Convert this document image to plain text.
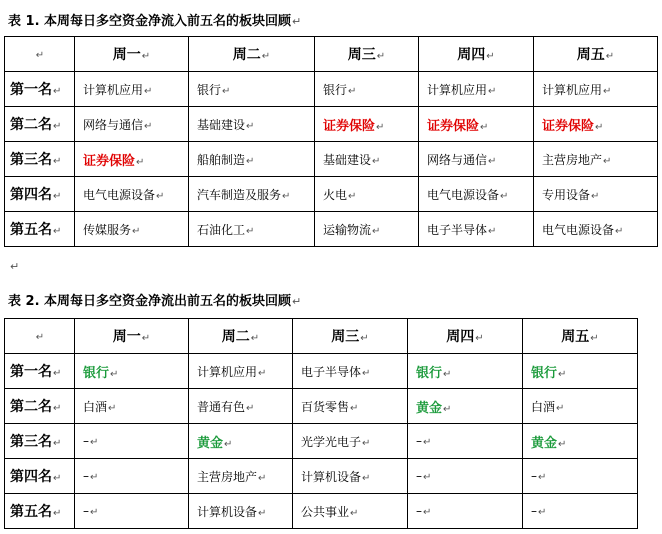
表 1. 本周每日多空资金净流入前五名的板块回顾↵
↵	周一↵	周二↵	周三↵	周四↵	周五↵
第一名↵	计算机应用↵	银行↵	银行↵	计算机应用↵	计算机应用↵
第二名↵	网络与通信↵	基础建设↵	证券保险↵	证券保险↵	证券保险↵
第三名↵	证券保险↵	船舶制造↵	基础建设↵	网络与通信↵	主营房地产↵
第四名↵	电气电源设备↵	汽车制造及服务↵	火电↵	电气电源设备↵	专用设备↵
第五名↵	传媒服务↵	石油化工↵	运输物流↵	电子半导体↵	电气电源设备↵
↵
表 2. 本周每日多空资金净流出前五名的板块回顾↵
↵	周一↵	周二↵	周三↵	周四↵	周五↵
第一名↵	银行↵	计算机应用↵	电子半导体↵	银行↵	银行↵
第二名↵	白酒↵	普通有色↵	百货零售↵	黄金↵	白酒↵
第三名↵	–↵	黄金↵	光学光电子↵	–↵	黄金↵
第四名↵	–↵	主营房地产↵	计算机设备↵	–↵	–↵
第五名↵	–↵	计算机设备↵	公共事业↵	–↵	–↵
